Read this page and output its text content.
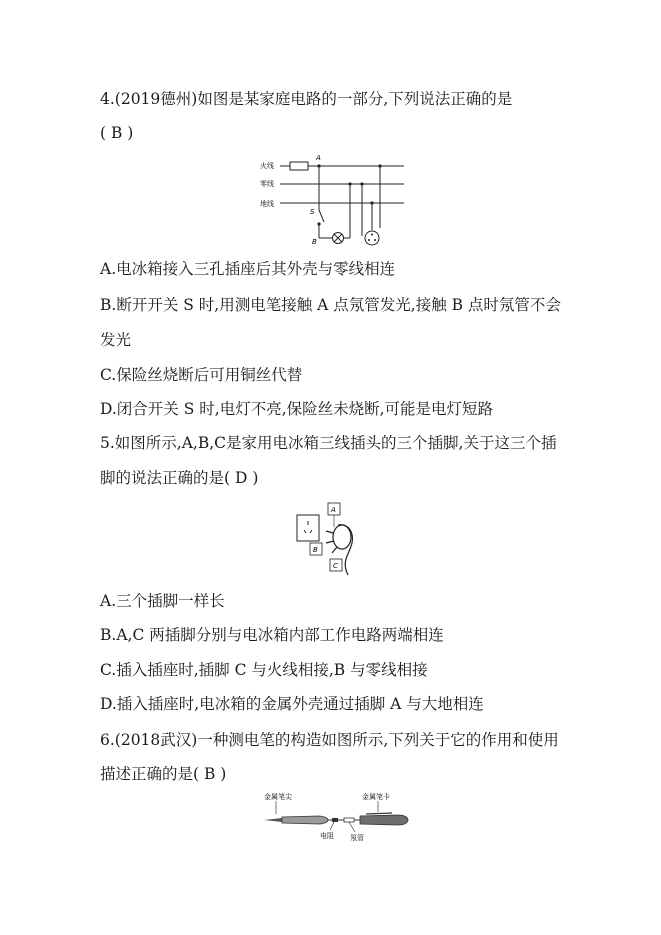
4.(2019德州)如图是某家庭电路的一部分,下列说法正确的是
( B )
火线
零线
地线
A
S
B
A.电冰箱接入三孔插座后其外壳与零线相连
B.断开开关 S 时,用测电笔接触 A 点氖管发光,接触 B 点时氖管不会
发光
C.保险丝烧断后可用铜丝代替
D.闭合开关 S 时,电灯不亮,保险丝未烧断,可能是电灯短路
5.如图所示,A,B,C是家用电冰箱三线插头的三个插脚,关于这三个插
脚的说法正确的是( D )
A
B
C
A.三个插脚一样长
B.A,C 两插脚分别与电冰箱内部工作电路两端相连
C.插入插座时,插脚 C 与火线相接,B 与零线相接
D.插入插座时,电冰箱的金属外壳通过插脚 A 与大地相连
6.(2018武汉)一种测电笔的构造如图所示,下列关于它的作用和使用
描述正确的是( B )
金属笔尖	金属笔卡
电阻 氖管
